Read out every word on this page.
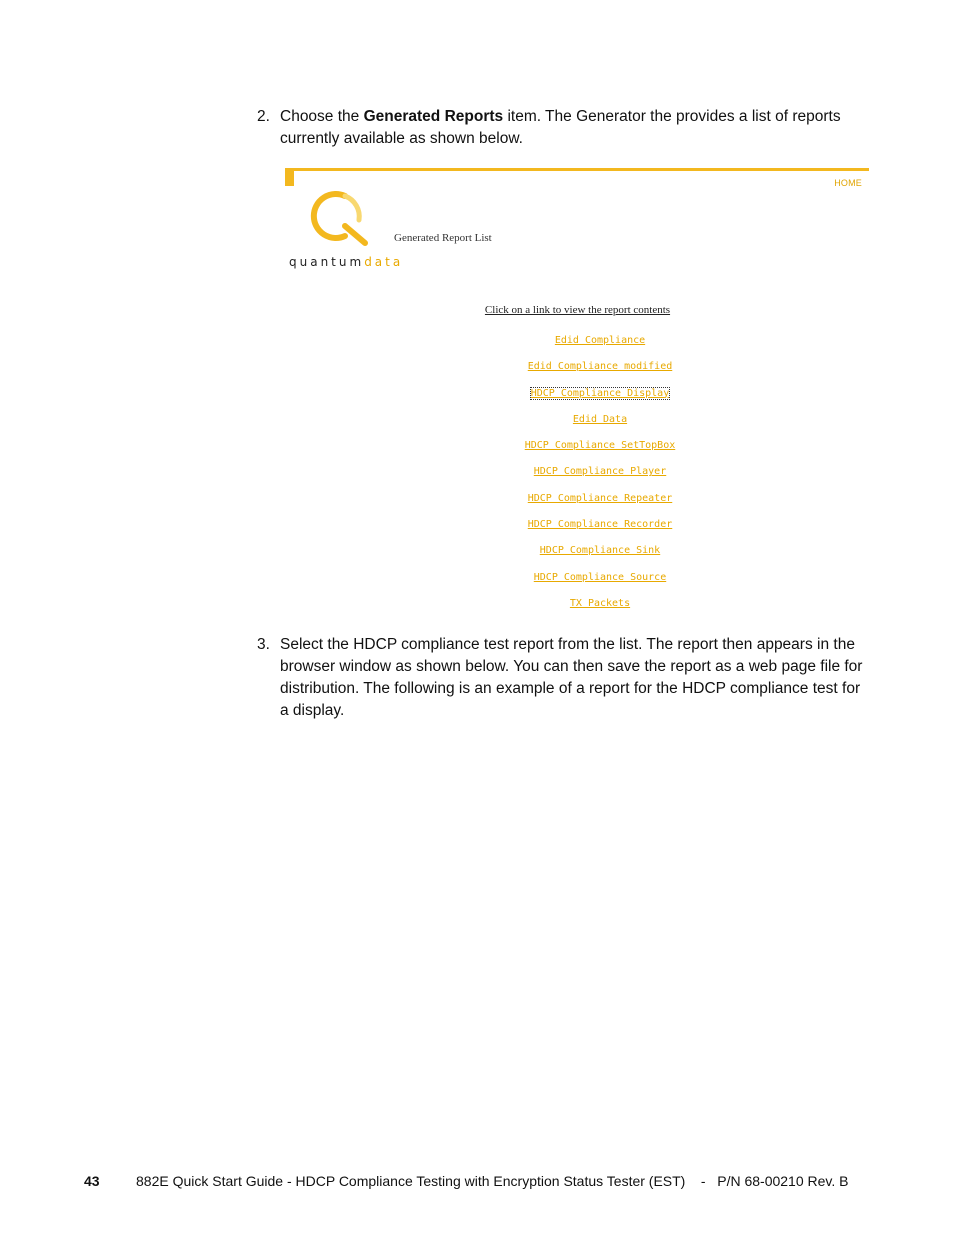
2. Choose the Generated Reports item. The Generator the provides a list of reports currently available as shown below.
HOME
Generated Report List
quantumdata
Click on a link to view the report contents
Edid Compliance
Edid Compliance modified
HDCP Compliance Display
Edid Data
HDCP Compliance SetTopBox
HDCP Compliance Player
HDCP Compliance Repeater
HDCP Compliance Recorder
HDCP Compliance Sink
HDCP Compliance Source
TX Packets
3. Select the HDCP compliance test report from the list. The report then appears in the browser window as shown below. You can then save the report as a web page file for distribution. The following is an example of a report for the HDCP compliance test for a display.
43	882E Quick Start Guide - HDCP Compliance Testing with Encryption Status Tester (EST)    -   P/N 68-00210 Rev. B
